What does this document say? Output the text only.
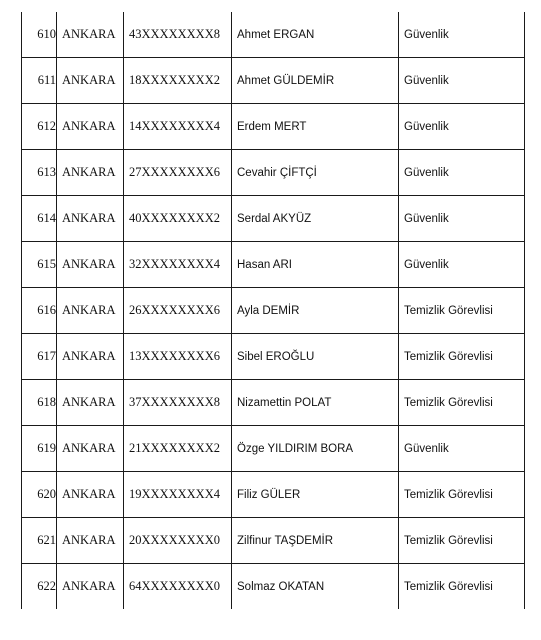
610	ANKARA	43XXXXXXXX8	Ahmet ERGAN	Güvenlik
611	ANKARA	18XXXXXXXX2	Ahmet GÜLDEMİR	Güvenlik
612	ANKARA	14XXXXXXXX4	Erdem MERT	Güvenlik
613	ANKARA	27XXXXXXXX6	Cevahir ÇİFTÇİ	Güvenlik
614	ANKARA	40XXXXXXXX2	Serdal AKYÜZ	Güvenlik
615	ANKARA	32XXXXXXXX4	Hasan ARI	Güvenlik
616	ANKARA	26XXXXXXXX6	Ayla DEMİR	Temizlik Görevlisi
617	ANKARA	13XXXXXXXX6	Sibel EROĞLU	Temizlik Görevlisi
618	ANKARA	37XXXXXXXX8	Nizamettin POLAT	Temizlik Görevlisi
619	ANKARA	21XXXXXXXX2	Özge YILDIRIM BORA	Güvenlik
620	ANKARA	19XXXXXXXX4	Filiz GÜLER	Temizlik Görevlisi
621	ANKARA	20XXXXXXXX0	Zilfinur TAŞDEMİR	Temizlik Görevlisi
622	ANKARA	64XXXXXXXX0	Solmaz OKATAN	Temizlik Görevlisi
